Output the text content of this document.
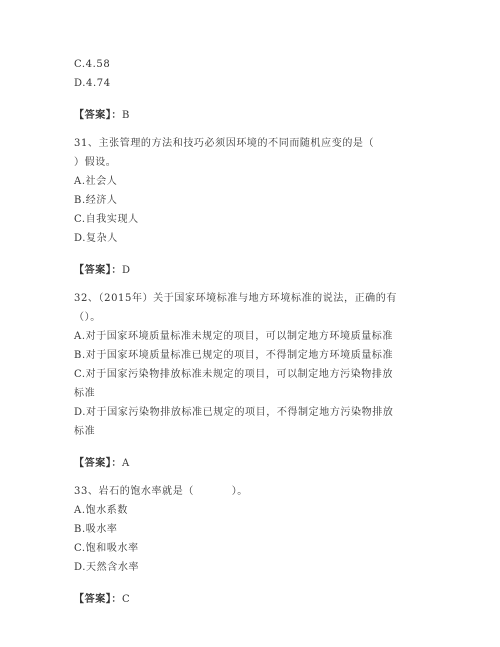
C.4.58

D.4.74

【答案】：B

31、主张管理的方法和技巧必须因环境的不同而随机应变的是（

）假设。

A.社会人

B.经济人

C.自我实现人

D.复杂人

【答案】：D

32、（2015年）关于国家环境标准与地方环境标准的说法，正确的有

（）。

A.对于国家环境质量标准未规定的项目，可以制定地方环境质量标准

B.对于国家环境质量标准已规定的项目，不得制定地方环境质量标准

C.对于国家污染物排放标准未规定的项目，可以制定地方污染物排放

标准

D.对于国家污染物排放标准已规定的项目，不得制定地方污染物排放

标准

【答案】：A

33、岩石的饱水率就是（          ）。

A.饱水系数

B.吸水率

C.饱和吸水率

D.天然含水率

【答案】：C
